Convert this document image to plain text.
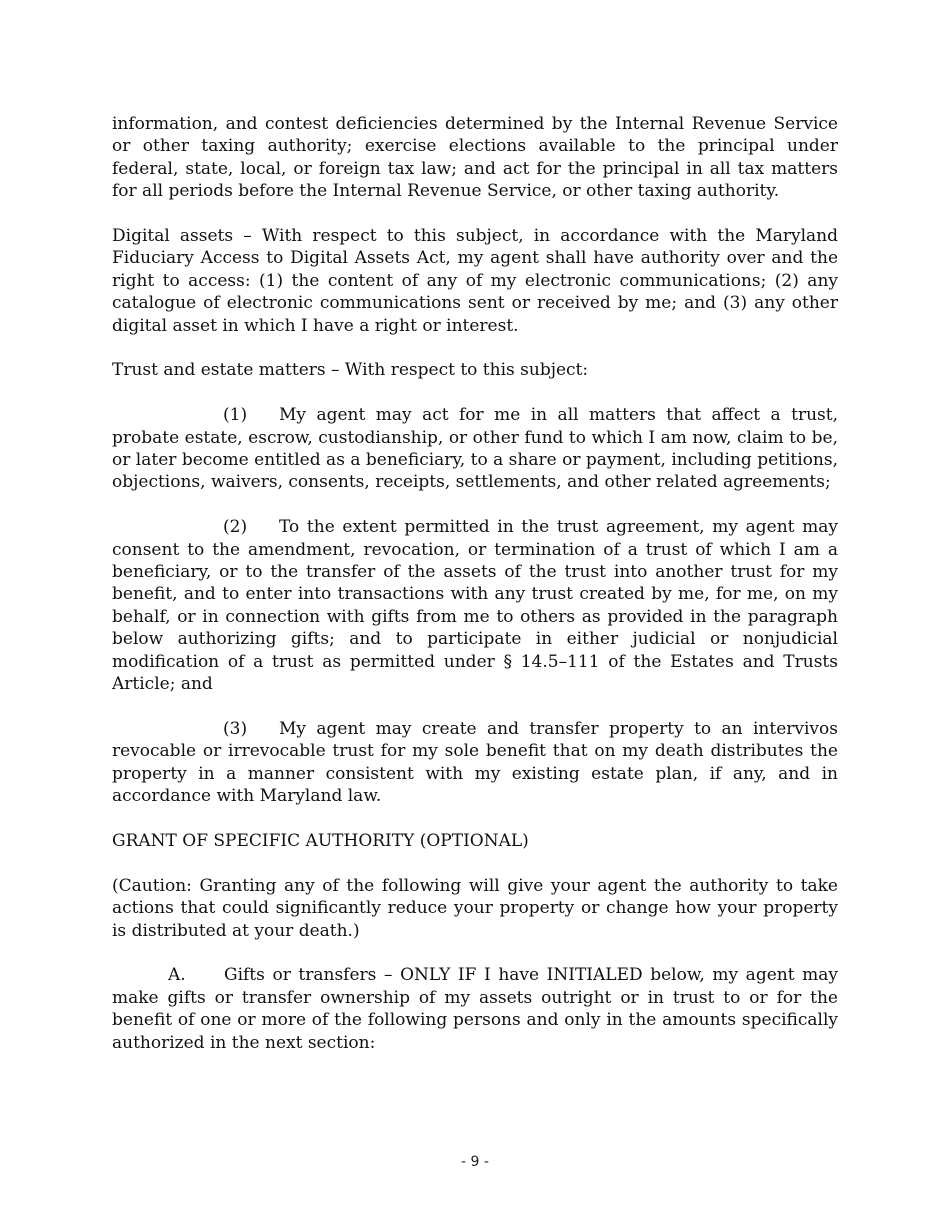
information, and contest deficiencies determined by the Internal Revenue Service or other taxing authority; exercise elections available to the principal under federal, state, local, or foreign tax law; and act for the principal in all tax matters for all periods before the Internal Revenue Service, or other taxing authority.

Digital assets – With respect to this subject, in accordance with the Maryland Fiduciary Access to Digital Assets Act, my agent shall have authority over and the right to access: (1) the content of any of my electronic communications; (2) any catalogue of electronic communications sent or received by me; and (3) any other digital asset in which I have a right or interest.

Trust and estate matters – With respect to this subject:

(1) My agent may act for me in all matters that affect a trust, probate estate, escrow, custodianship, or other fund to which I am now, claim to be, or later become entitled as a beneficiary, to a share or payment, including petitions, objections, waivers, consents, receipts, settlements, and other related agreements;

(2) To the extent permitted in the trust agreement, my agent may consent to the amendment, revocation, or termination of a trust of which I am a beneficiary, or to the transfer of the assets of the trust into another trust for my benefit, and to enter into transactions with any trust created by me, for me, on my behalf, or in connection with gifts from me to others as provided in the paragraph below authorizing gifts; and to participate in either judicial or nonjudicial modification of a trust as permitted under § 14.5–111 of the Estates and Trusts Article; and

(3) My agent may create and transfer property to an intervivos revocable or irrevocable trust for my sole benefit that on my death distributes the property in a manner consistent with my existing estate plan, if any, and in accordance with Maryland law.

GRANT OF SPECIFIC AUTHORITY (OPTIONAL)

(Caution: Granting any of the following will give your agent the authority to take actions that could significantly reduce your property or change how your property is distributed at your death.)

A. Gifts or transfers – ONLY IF I have INITIALED below, my agent may make gifts or transfer ownership of my assets outright or in trust to or for the benefit of one or more of the following persons and only in the amounts specifically authorized in the next section:

- 9 -
